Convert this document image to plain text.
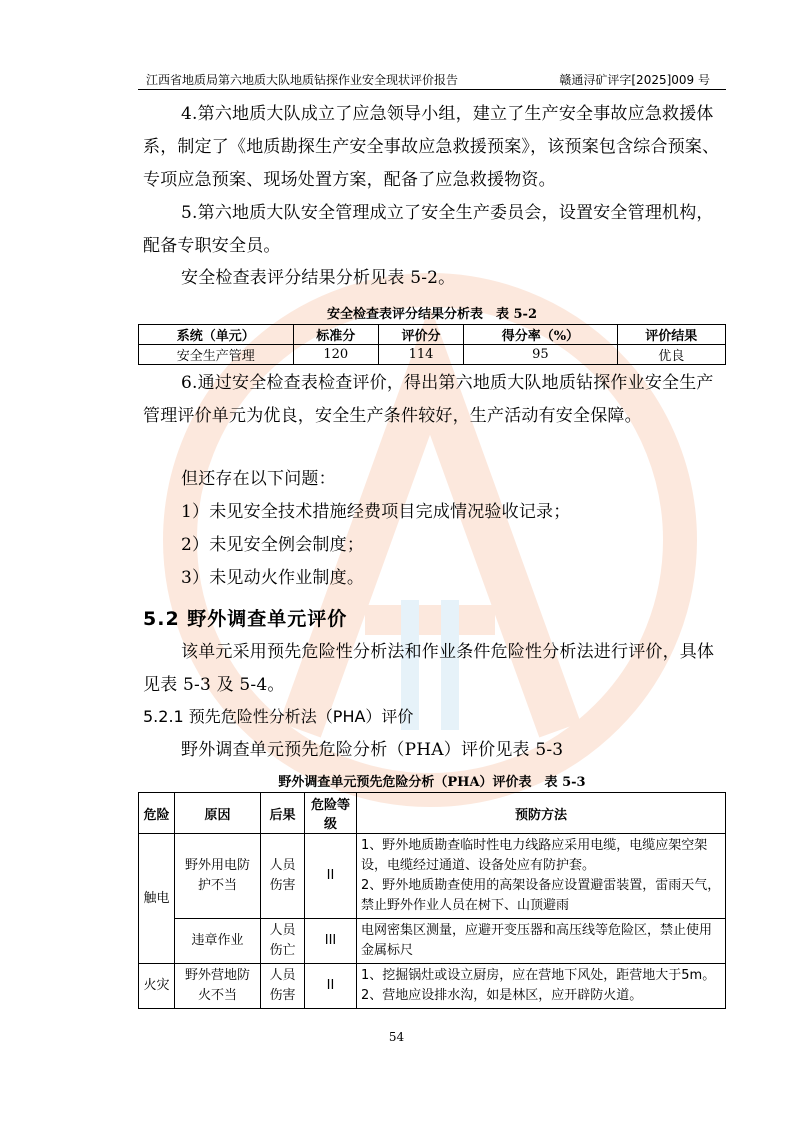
江西省地质局第六地质大队地质钻探作业安全现状评价报告	赣通浔矿评字[2025]009 号
4.第六地质大队成立了应急领导小组，建立了生产安全事故应急救援体系，制定了《地质勘探生产安全事故应急救援预案》，该预案包含综合预案、专项应急预案、现场处置方案，配备了应急救援物资。
5.第六地质大队安全管理成立了安全生产委员会，设置安全管理机构，配备专职安全员。
安全检查表评分结果分析见表 5-2。
安全检查表评分结果分析表　表 5-2
系统（单元）	标准分	评价分	得分率（%）	评价结果
安全生产管理	120	114	95	优良
6.通过安全检查表检查评价，得出第六地质大队地质钻探作业安全生产管理评价单元为优良，安全生产条件较好，生产活动有安全保障。
但还存在以下问题：
1）未见安全技术措施经费项目完成情况验收记录；
2）未见安全例会制度；
3）未见动火作业制度。
5.2 野外调查单元评价
该单元采用预先危险性分析法和作业条件危险性分析法进行评价，具体见表 5-3 及 5-4。
5.2.1 预先危险性分析法（PHA）评价
野外调查单元预先危险分析（PHA）评价见表 5-3
野外调查单元预先危险分析（PHA）评价表　表 5-3
危险	原因	后果	危险等级	预防方法
触电	野外用电防护不当	人员伤害	II	1、野外地质勘查临时性电力线路应采用电缆，电缆应架空架设，电缆经过通道、设备处应有防护套。
2、野外地质勘查使用的高架设备应设置避雷装置，雷雨天气，禁止野外作业人员在树下、山顶避雨
	违章作业	人员伤亡	III	电网密集区测量，应避开变压器和高压线等危险区，禁止使用金属标尺
火灾	野外营地防火不当	人员伤害	II	1、挖掘锅灶或设立厨房，应在营地下风处，距营地大于5m。
2、营地应设排水沟，如是林区，应开辟防火道。
54
